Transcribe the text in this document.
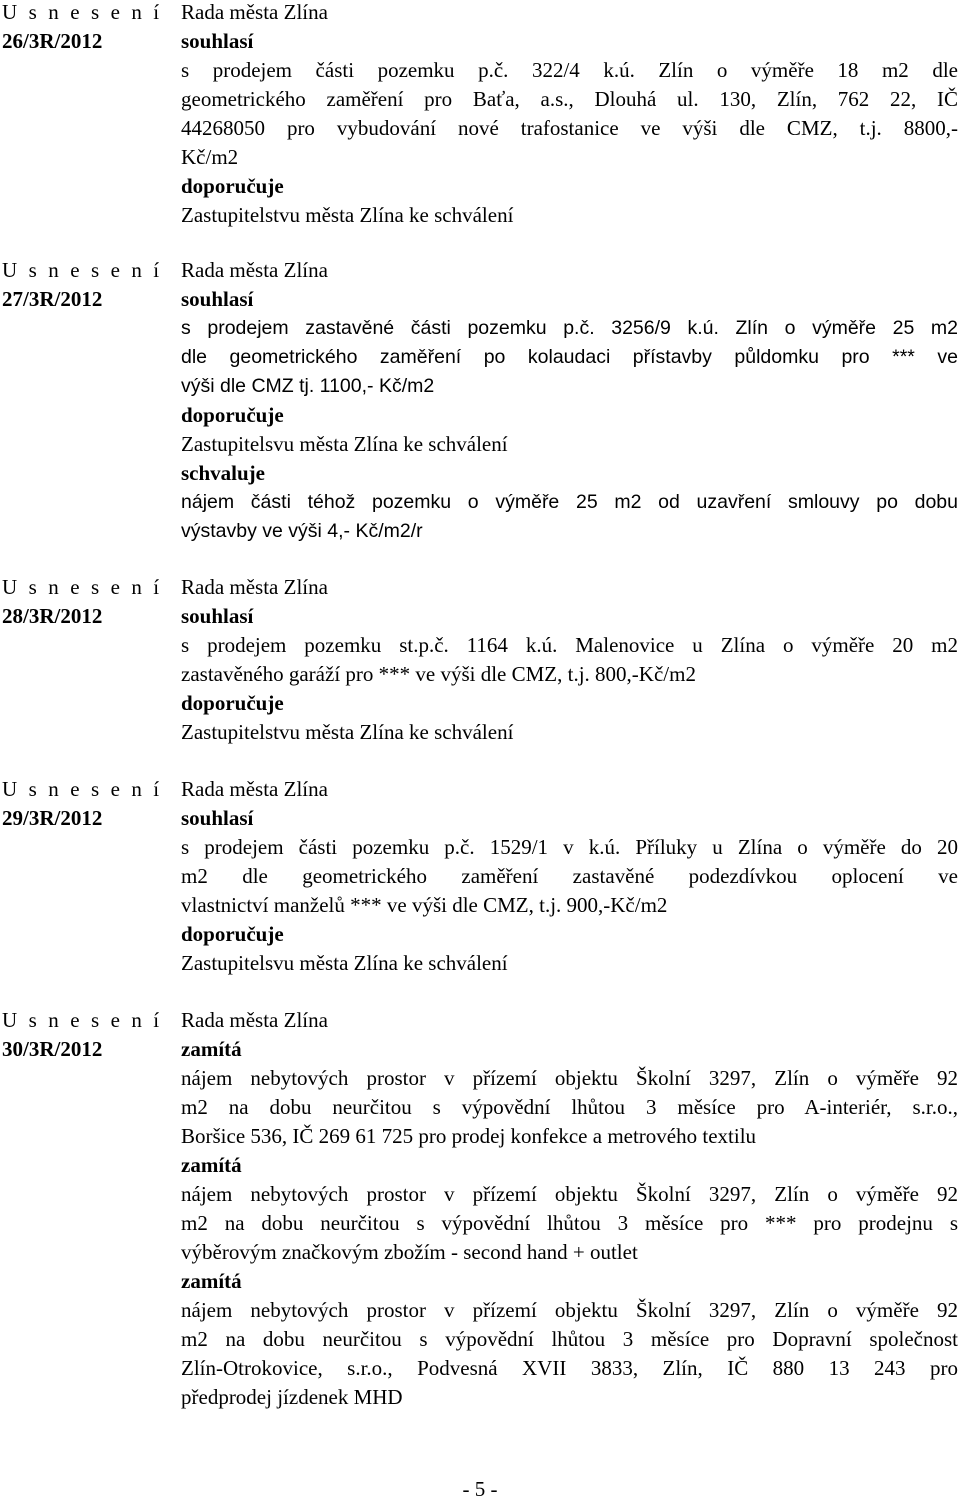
U s n e s e n í
26/3R/2012
Rada města Zlína
souhlasí
s prodejem části pozemku p.č. 322/4 k.ú. Zlín o výměře 18 m2 dle
geometrického zaměření pro Baťa, a.s., Dlouhá ul. 130, Zlín, 762 22, IČ
44268050 pro vybudování nové trafostanice ve výši dle CMZ, t.j. 8800,-
Kč/m2
doporučuje
Zastupitelstvu města Zlína ke schválení
U s n e s e n í
27/3R/2012
Rada města Zlína
souhlasí
s prodejem zastavěné části pozemku p.č. 3256/9 k.ú. Zlín o výměře 25 m2
dle geometrického zaměření po kolaudaci přístavby půldomku pro *** ve
výši dle CMZ tj. 1100,- Kč/m2
doporučuje
Zastupitelsvu města Zlína ke schválení
schvaluje
nájem části téhož pozemku o výměře 25 m2 od uzavření smlouvy po dobu
výstavby ve výši 4,- Kč/m2/r
U s n e s e n í
28/3R/2012
Rada města Zlína
souhlasí
s prodejem pozemku st.p.č. 1164 k.ú. Malenovice u Zlína o výměře 20 m2
zastavěného garáží pro *** ve výši dle CMZ, t.j. 800,-Kč/m2
doporučuje
Zastupitelstvu města Zlína ke schválení
U s n e s e n í
29/3R/2012
Rada města Zlína
souhlasí
s prodejem části pozemku p.č. 1529/1 v k.ú. Příluky u Zlína o výměře do 20
m2 dle geometrického zaměření zastavěné podezdívkou oplocení ve
vlastnictví manželů *** ve výši dle CMZ, t.j. 900,-Kč/m2
doporučuje
Zastupitelsvu města Zlína ke schválení
U s n e s e n í
30/3R/2012
Rada města Zlína
zamítá
nájem nebytových prostor v přízemí objektu Školní 3297, Zlín o výměře 92
m2 na dobu neurčitou s výpovědní lhůtou 3 měsíce pro A-interiér, s.r.o.,
Boršice 536, IČ 269 61 725 pro prodej konfekce a metrového textilu
zamítá
nájem nebytových prostor v přízemí objektu Školní 3297, Zlín o výměře 92
m2 na dobu neurčitou s výpovědní lhůtou 3 měsíce pro *** pro prodejnu s
výběrovým značkovým zbožím - second hand + outlet
zamítá
nájem nebytových prostor v přízemí objektu Školní 3297, Zlín o výměře 92
m2 na dobu neurčitou s výpovědní lhůtou 3 měsíce pro Dopravní společnost
Zlín-Otrokovice, s.r.o., Podvesná XVII 3833, Zlín, IČ 880 13 243 pro
předprodej jízdenek MHD
- 5 -
